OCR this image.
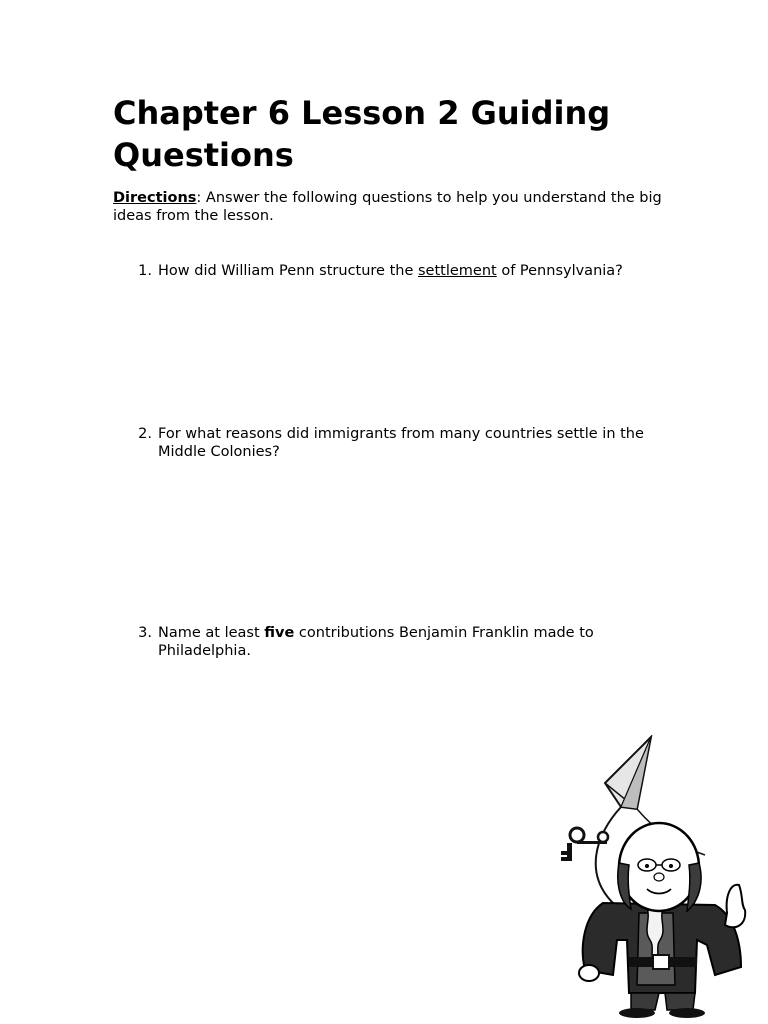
Chapter 6 Lesson 2 Guiding Questions

Directions: Answer the following questions to help you understand the big ideas from the lesson.

1. How did William Penn structure the settlement of Pennsylvania?
2. For what reasons did immigrants from many countries settle in the Middle Colonies?
3. Name at least five contributions Benjamin Franklin made to Philadelphia.
